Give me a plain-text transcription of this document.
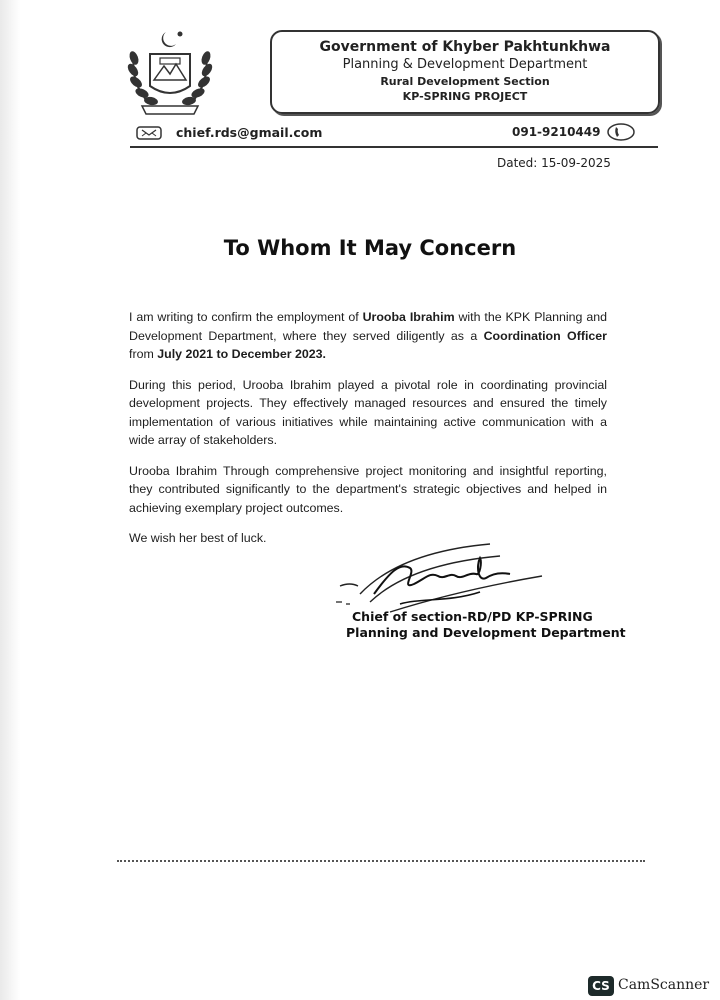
Government of Khyber Pakhtunkhwa
Planning & Development Department
Rural Development Section
KP-SPRING PROJECT
chief.rds@gmail.com	091-9210449
Dated: 15-09-2025
To Whom It May Concern

I am writing to confirm the employment of Urooba Ibrahim with the KPK Planning and Development Department, where they served diligently as a Coordination Officer from July 2021 to December 2023.

During this period, Urooba Ibrahim played a pivotal role in coordinating provincial development projects. They effectively managed resources and ensured the timely implementation of various initiatives while maintaining active communication with a wide array of stakeholders.

Urooba Ibrahim Through comprehensive project monitoring and insightful reporting, they contributed significantly to the department's strategic objectives and helped in achieving exemplary project outcomes.

We wish her best of luck.

Chief of section-RD/PD KP-SPRING
Planning and Development Department
CS CamScanner
